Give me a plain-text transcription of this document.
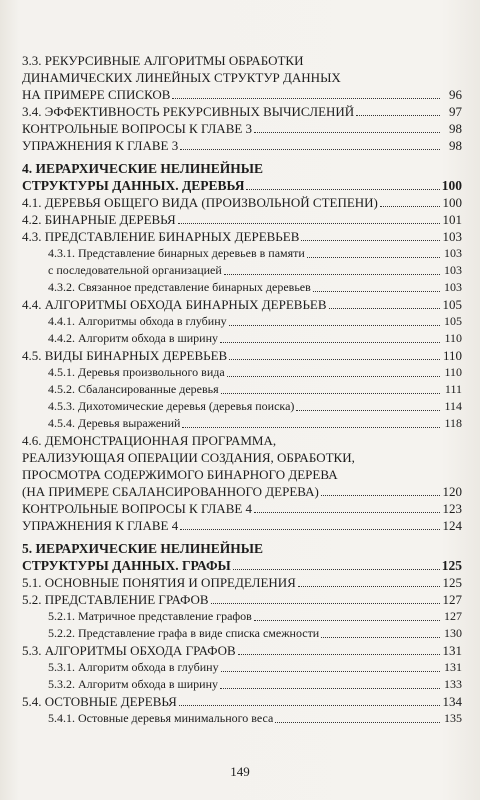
3.3. РЕКУРСИВНЫЕ АЛГОРИТМЫ ОБРАБОТКИ
ДИНАМИЧЕСКИХ ЛИНЕЙНЫХ СТРУКТУР ДАННЫХ
НА ПРИМЕРЕ СПИСКОВ	96
3.4. ЭФФЕКТИВНОСТЬ РЕКУРСИВНЫХ ВЫЧИСЛЕНИЙ	97
КОНТРОЛЬНЫЕ ВОПРОСЫ К ГЛАВЕ 3	98
УПРАЖНЕНИЯ К ГЛАВЕ 3	98
4. ИЕРАРХИЧЕСКИЕ НЕЛИНЕЙНЫЕ
СТРУКТУРЫ ДАННЫХ. ДЕРЕВЬЯ	100
4.1. ДЕРЕВЬЯ ОБЩЕГО ВИДА (ПРОИЗВОЛЬНОЙ СТЕПЕНИ)	100
4.2. БИНАРНЫЕ ДЕРЕВЬЯ	101
4.3. ПРЕДСТАВЛЕНИЕ БИНАРНЫХ ДЕРЕВЬЕВ	103
4.3.1. Представление бинарных деревьев в памяти	103
с последовательной организацией	103
4.3.2. Связанное представление бинарных деревьев	103
4.4. АЛГОРИТМЫ ОБХОДА БИНАРНЫХ ДЕРЕВЬЕВ	105
4.4.1. Алгоритмы обхода в глубину	105
4.4.2. Алгоритм обхода в ширину	110
4.5. ВИДЫ БИНАРНЫХ ДЕРЕВЬЕВ	110
4.5.1. Деревья произвольного вида	110
4.5.2. Сбалансированные деревья	111
4.5.3. Дихотомические деревья (деревья поиска)	114
4.5.4. Деревья выражений	118
4.6. ДЕМОНСТРАЦИОННАЯ ПРОГРАММА,
РЕАЛИЗУЮЩАЯ ОПЕРАЦИИ СОЗДАНИЯ, ОБРАБОТКИ,
ПРОСМОТРА СОДЕРЖИМОГО БИНАРНОГО ДЕРЕВА
(НА ПРИМЕРЕ СБАЛАНСИРОВАННОГО ДЕРЕВА)	120
КОНТРОЛЬНЫЕ ВОПРОСЫ К ГЛАВЕ 4	123
УПРАЖНЕНИЯ К ГЛАВЕ 4	124
5. ИЕРАРХИЧЕСКИЕ НЕЛИНЕЙНЫЕ
СТРУКТУРЫ ДАННЫХ. ГРАФЫ	125
5.1. ОСНОВНЫЕ ПОНЯТИЯ И ОПРЕДЕЛЕНИЯ	125
5.2. ПРЕДСТАВЛЕНИЕ ГРАФОВ	127
5.2.1. Матричное представление графов	127
5.2.2. Представление графа в виде списка смежности	130
5.3. АЛГОРИТМЫ ОБХОДА ГРАФОВ	131
5.3.1. Алгоритм обхода в глубину	131
5.3.2. Алгоритм обхода в ширину	133
5.4. ОСТОВНЫЕ ДЕРЕВЬЯ	134
5.4.1. Остовные деревья минимального веса	135
149
